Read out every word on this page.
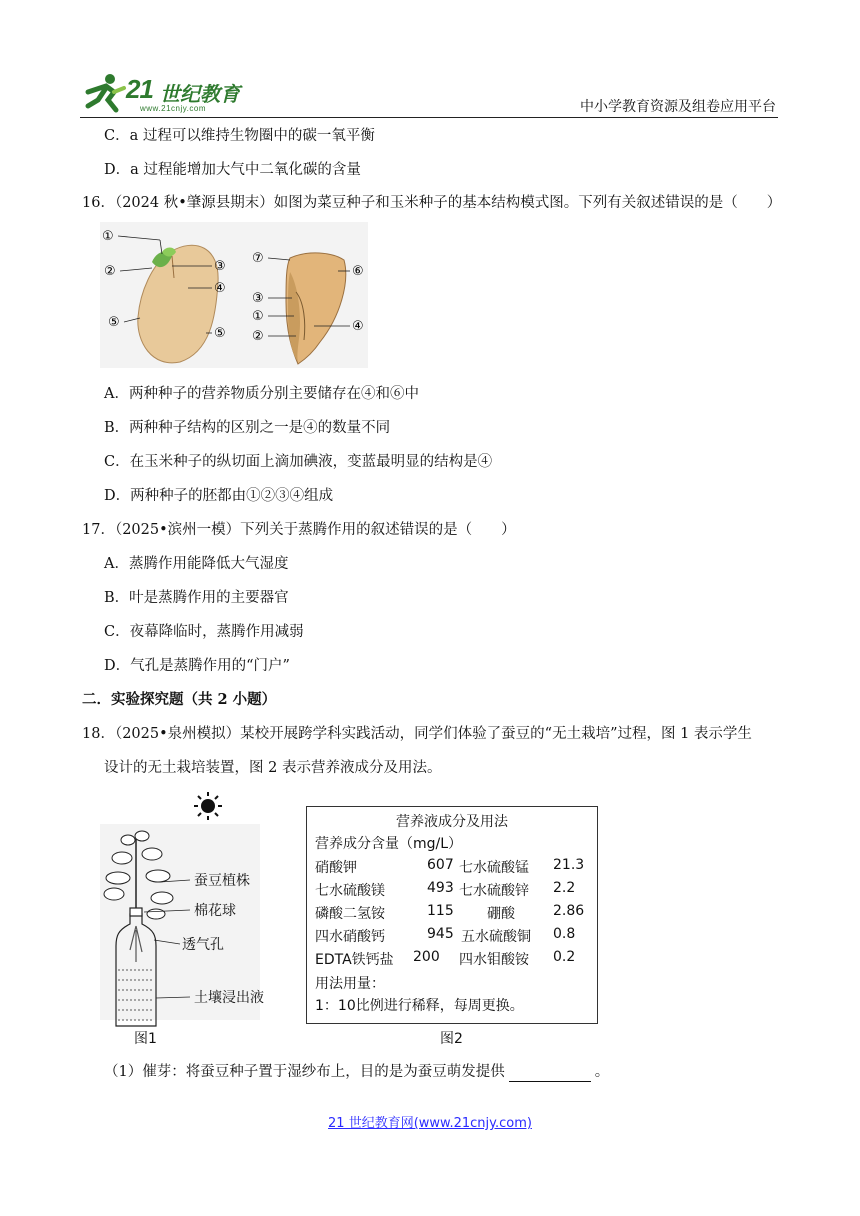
21 世纪教育
www.21cnjy.com	中小学教育资源及组卷应用平台
C．a 过程可以维持生物圈中的碳一氧平衡
D．a 过程能增加大气中二氧化碳的含量
16．（2024 秋•肇源县期末）如图为菜豆种子和玉米种子的基本结构模式图。下列有关叙述错误的是（　　）
①
②
⑤
③
④
⑤
⑦
③
①
②
⑥
④
A．两种种子的营养物质分别主要储存在④和⑥中
B．两种种子结构的区别之一是④的数量不同
C．在玉米种子的纵切面上滴加碘液，变蓝最明显的结构是④
D．两种种子的胚都由①②③④组成
17．（2025•滨州一模）下列关于蒸腾作用的叙述错误的是（　　）
A．蒸腾作用能降低大气湿度
B．叶是蒸腾作用的主要器官
C．夜幕降临时，蒸腾作用减弱
D．气孔是蒸腾作用的“门户”
二．实验探究题（共 2 小题）
18．（2025•泉州模拟）某校开展跨学科实践活动，同学们体验了蚕豆的“无土栽培”过程，图 1 表示学生
设计的无土栽培装置，图 2 表示营养液成分及用法。
蚕豆植株
棉花球
透气孔
土壤浸出液
图1
营养液成分及用法
营养成分含量（mg/L）
硝酸钾	607 七水硫酸锰 21.3
七水硫酸镁	493 七水硫酸锌 2.2
磷酸二氢铵	115 硼酸	2.86
四水硝酸钙	945 五水硫酸铜 0.8
EDTA铁钙盐 200 四水钼酸铵 0.2
用法用量：
1：10比例进行稀释，每周更换。
图2
（1）催芽：将蚕豆种子置于湿纱布上，目的是为蚕豆萌发提供	。
21 世纪教育网(www.21cnjy.com)
